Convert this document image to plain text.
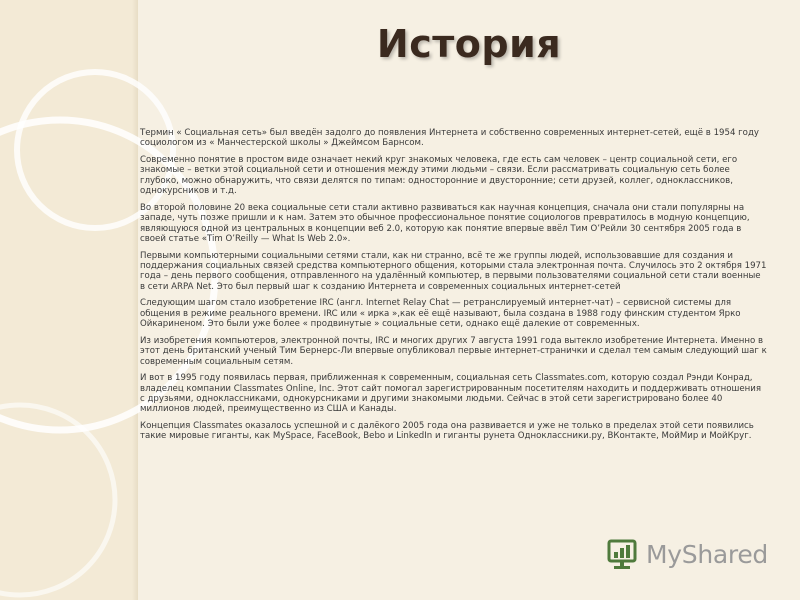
История

Термин « Социальная сеть» был введён задолго до появления Интернета и собственно современных интернет-сетей, ещё в 1954 году социологом из « Манчестерской школы » Джеймсом Барнсом.

Современно понятие в простом виде означает некий круг знакомых человека, где есть сам человек – центр социальной сети, его знакомые – ветки этой социальной сети и отношения между этими людьми – связи. Если рассматривать социальную сеть более глубоко, можно обнаружить, что связи делятся по типам: односторонние и двусторонние; сети друзей, коллег, одноклассников, однокурсников и т.д.

Во второй половине 20 века социальные сети стали активно развиваться как научная концепция, сначала они стали популярны на западе, чуть позже пришли и к нам. Затем это обычное профессиональное понятие социологов превратилось в модную концепцию, являющуюся одной из центральных в концепции веб 2.0, которую как понятие впервые ввёл Тим О’Рейли 30 сентября 2005 года в своей статье «Tim O’Reilly — What Is Web 2.0».

Первыми компьютерными социальными сетями стали, как ни странно, всё те же группы людей, использовавшие для создания и поддержания социальных связей средства компьютерного общения, которыми стала электронная почта. Случилось это 2 октября 1971 года – день первого сообщения, отправленного на удалённый компьютер, в первыми пользователями социальной сети стали военные в сети ARPA Net. Это был первый шаг к созданию Интернета и современных социальных интернет-сетей

Следующим шагом стало изобретение IRC (англ. Internet Relay Chat — ретранслируемый интернет-чат) – сервисной системы для общения в режиме реального времени. IRC или « ирка »,как её ещё называют, была создана в 1988 году финским студентом Ярко Ойкариненом. Это были уже более « продвинутые » социальные сети, однако ещё далекие от современных.

Из изобретения компьютеров, электронной почты, IRC и многих других 7 августа 1991 года вытекло изобретение Интернета. Именно в этот день британский ученый Тим Бернерс-Ли впервые опубликовал первые интернет-странички и сделал тем самым следующий шаг к современным социальным сетям.

И вот в 1995 году появилась первая, приближенная к современным, социальная сеть Classmates.com, которую создал Рэнди Конрад, владелец компании Classmates Online, Inc. Этот сайт помогал зарегистрированным посетителям находить и поддерживать отношения с друзьями, одноклассниками, однокурсниками и другими знакомыми людьми. Сейчас в этой сети зарегистрировано более 40 миллионов людей, преимущественно из США и Канады.

Концепция Classmates оказалось успешной и с далёкого 2005 года она развивается и уже не только в пределах этой сети появились такие мировые гиганты, как MySpace, FaceBook, Bebo и LinkedIn и гиганты рунета Одноклассники.ру, ВКонтакте, МойМир и МойКруг.

MyShared
